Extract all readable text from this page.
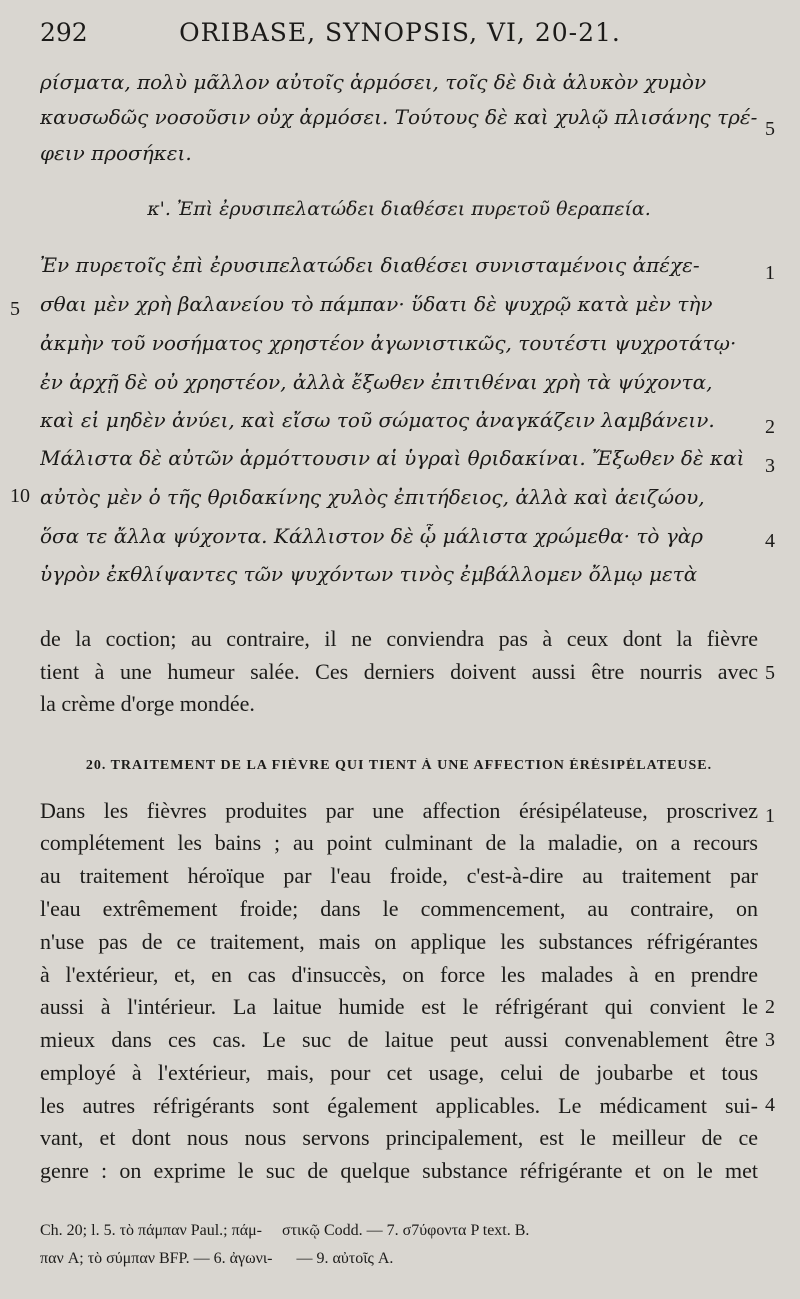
292	ORIBASE, SYNOPSIS, VI, 20-21.
ρίσματα, πολὺ μᾶλλον αὐτοῖς ἁρμόσει, τοῖς δὲ διὰ ἁλυκὸν χυμὸν
καυσωδῶς νοσοῦσιν οὐχ ἁρμόσει. Τούτους δὲ καὶ χυλῷ πλισάνης τρέ-
φειν προσήκει.
5
κ'. Ἐπὶ ἐρυσιπελατώδει διαθέσει πυρετοῦ θεραπεία.
Ἐν πυρετοῖς ἐπὶ ἐρυσιπελατώδει διαθέσει συνισταμένοις ἀπέχε-
σθαι μὲν χρὴ βαλανείου τὸ πάμπαν· ὕδατι δὲ ψυχρῷ κατὰ μὲν τὴν
ἀκμὴν τοῦ νοσήματος χρηστέον ἀγωνιστικῶς, τουτέστι ψυχροτάτῳ·
ἐν ἀρχῇ δὲ οὐ χρηστέον, ἀλλὰ ἔξωθεν ἐπιτιθέναι χρὴ τὰ ψύχοντα,
καὶ εἰ μηδὲν ἀνύει, καὶ εἴσω τοῦ σώματος ἀναγκάζειν λαμβάνειν.
Μάλιστα δὲ αὐτῶν ἁρμόττουσιν αἱ ὑγραὶ θριδακίναι. Ἔξωθεν δὲ καὶ
αὐτὸς μὲν ὁ τῆς θριδακίνης χυλὸς ἐπιτήδειος, ἀλλὰ καὶ ἀειζώου,
ὅσα τε ἄλλα ψύχοντα. Κάλλιστον δὲ ᾧ μάλιστα χρώμεθα· τὸ γὰρ
ὑγρὸν ἐκθλίψαντες τῶν ψυχόντων τινὸς ἐμβάλλομεν ὄλμῳ μετὰ
1
5
2
3
10
4
de la coction; au contraire, il ne conviendra pas à ceux dont la fièvre
tient à une humeur salée. Ces derniers doivent aussi être nourris avec
la crème d'orge mondée.
5
20. TRAITEMENT DE LA FIÈVRE QUI TIENT À UNE AFFECTION ÉRÉSIPÉLATEUSE.
Dans les fièvres produites par une affection érésipélateuse, proscrivez
complétement les bains ; au point culminant de la maladie, on a recours
au traitement héroïque par l'eau froide, c'est-à-dire au traitement par
l'eau extrêmement froide; dans le commencement, au contraire, on
n'use pas de ce traitement, mais on applique les substances réfrigérantes
à l'extérieur, et, en cas d'insuccès, on force les malades à en prendre
aussi à l'intérieur. La laitue humide est le réfrigérant qui convient le
mieux dans ces cas. Le suc de laitue peut aussi convenablement être
employé à l'extérieur, mais, pour cet usage, celui de joubarbe et tous
les autres réfrigérants sont également applicables. Le médicament sui-
vant, et dont nous nous servons principalement, est le meilleur de ce
genre : on exprime le suc de quelque substance réfrigérante et on le met
1
2
3
4
Ch. 20; l. 5. τὸ πάμπαν Paul.; πάμ-     στικῷ Codd. — 7. σ7ύφοντα P text. B.
παν A; τὸ σύμπαν BFP. — 6. ἀγωνι-      — 9. αὐτοῖς A.
